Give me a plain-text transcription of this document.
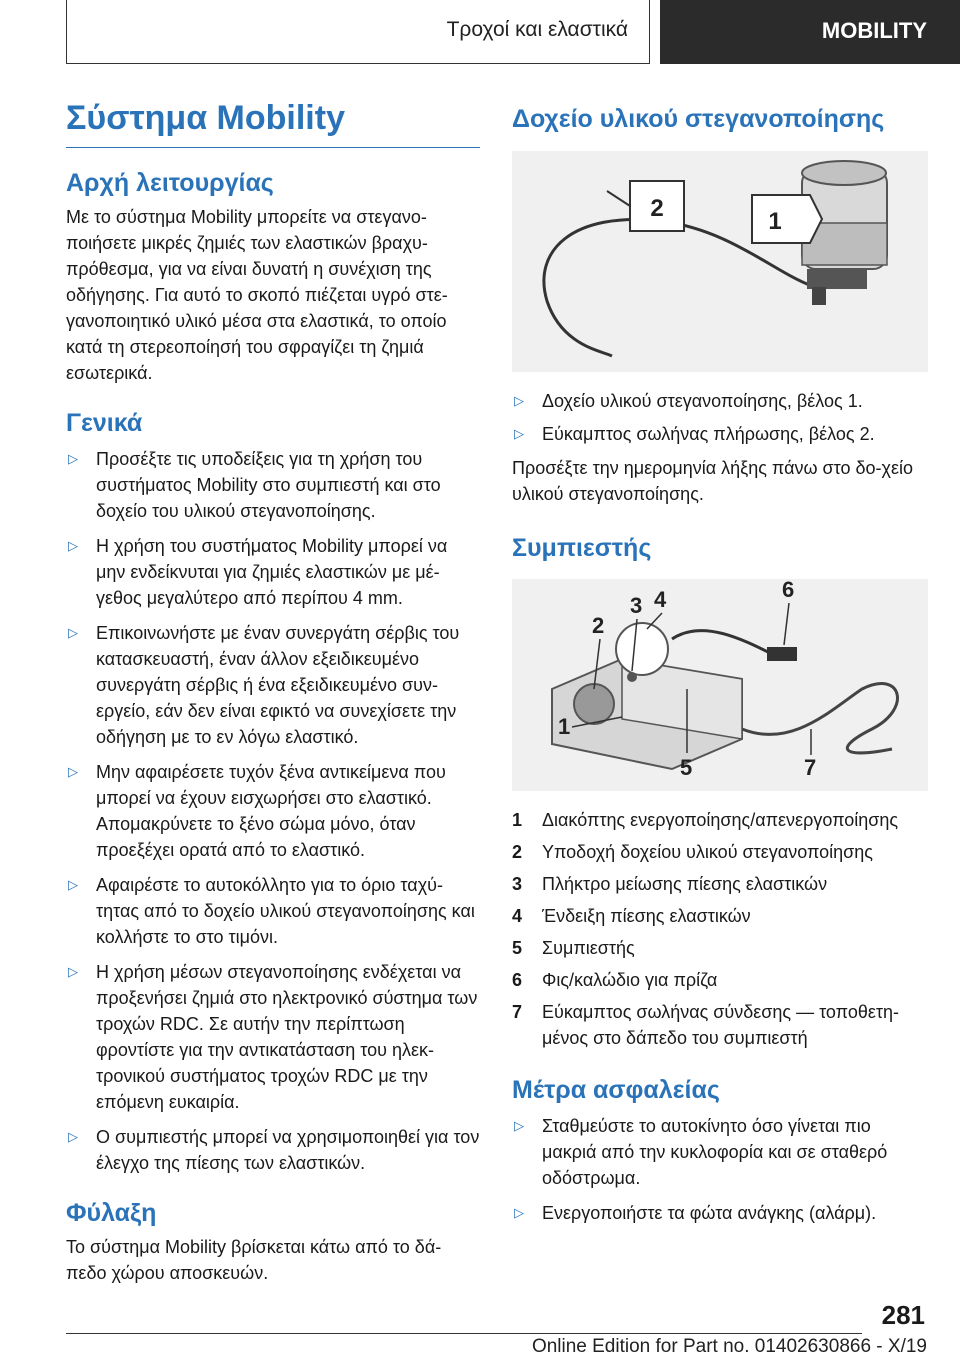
Τροχοί και ελαστικά	MOBILITY
Σύστημα Mobility
Αρχή λειτουργίας

Με το σύστημα Mobility μπορείτε να στεγανο-ποιήσετε μικρές ζημιές των ελαστικών βραχυ-πρόθεσμα, για να είναι δυνατή η συνέχιση της οδήγησης. Για αυτό το σκοπό πιέζεται υγρό στε-γανοποιητικό υλικό μέσα στα ελαστικά, το οποίο κατά τη στερεοποίησή του σφραγίζει τη ζημιά εσωτερικά.

Γενικά
▷ Προσέξτε τις υποδείξεις για τη χρήση του συστήματος Mobility στο συμπιεστή και στο δοχείο του υλικού στεγανοποίησης.
▷ Η χρήση του συστήματος Mobility μπορεί να μην ενδείκνυται για ζημιές ελαστικών με μέ-γεθος μεγαλύτερο από περίπου 4 mm.
▷ Επικοινωνήστε με έναν συνεργάτη σέρβις του κατασκευαστή, έναν άλλον εξειδικευμένο συνεργάτη σέρβις ή ένα εξειδικευμένο συν-εργείο, εάν δεν είναι εφικτό να συνεχίσετε την οδήγηση με το εν λόγω ελαστικό.
▷ Μην αφαιρέσετε τυχόν ξένα αντικείμενα που μπορεί να έχουν εισχωρήσει στο ελαστικό. Απομακρύνετε το ξένο σώμα μόνο, όταν προεξέχει ορατά από το ελαστικό.
▷ Αφαιρέστε το αυτοκόλλητο για το όριο ταχύ-τητας από το δοχείο υλικού στεγανοποίησης και κολλήστε το στο τιμόνι.
▷ Η χρήση μέσων στεγανοποίησης ενδέχεται να προξενήσει ζημιά στο ηλεκτρονικό σύστημα των τροχών RDC. Σε αυτήν την περίπτωση φροντίστε για την αντικατάσταση του ηλεκ-τρονικού συστήματος τροχών RDC με την επόμενη ευκαιρία.
▷ Ο συμπιεστής μπορεί να χρησιμοποιηθεί για τον έλεγχο της πίεσης των ελαστικών.
Φύλαξη

Το σύστημα Mobility βρίσκεται κάτω από το δά-πεδο χώρου αποσκευών.

Δοχείο υλικού στεγανοποίησης
2	1
▷ Δοχείο υλικού στεγανοποίησης, βέλος 1.
▷ Εύκαμπτος σωλήνας πλήρωσης, βέλος 2.

Προσέξτε την ημερομηνία λήξης πάνω στο δο-χείο υλικού στεγανοποίησης.

Συμπιεστής
2
3 4	6
1
5	7
1 Διακόπτης ενεργοποίησης/απενεργοποίησης
2 Υποδοχή δοχείου υλικού στεγανοποίησης
3 Πλήκτρο μείωσης πίεσης ελαστικών
4 Ένδειξη πίεσης ελαστικών
5 Συμπιεστής
6 Φις/καλώδιο για πρίζα
7 Εύκαμπτος σωλήνας σύνδεσης — τοποθετη-μένος στο δάπεδο του συμπιεστή
Μέτρα ασφαλείας
▷ Σταθμεύστε το αυτοκίνητο όσο γίνεται πιο μακριά από την κυκλοφορία και σε σταθερό οδόστρωμα.
▷ Ενεργοποιήστε τα φώτα ανάγκης (αλάρμ).
281
Online Edition for Part no. 01402630866 - X/19
